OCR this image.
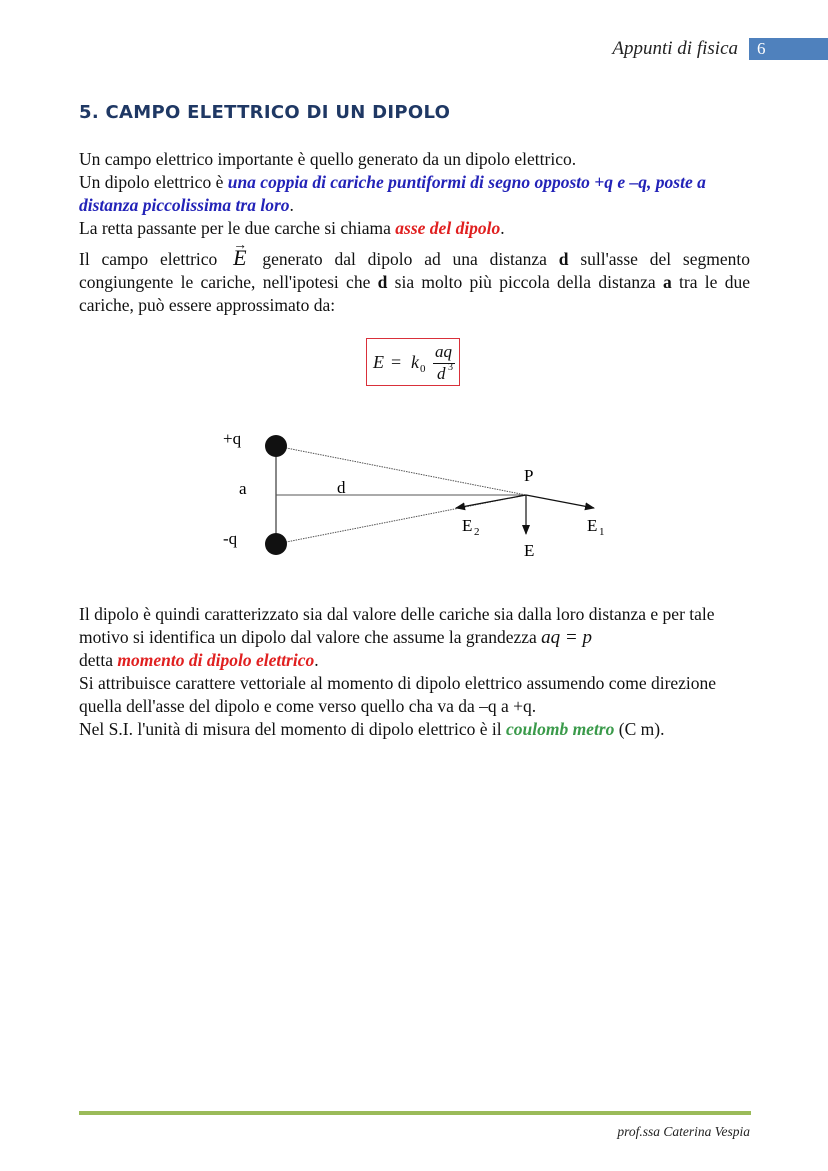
Appunti di fisica	6
5. CAMPO ELETTRICO DI UN DIPOLO

Un campo elettrico importante è quello generato da un dipolo elettrico.
Un dipolo elettrico è una coppia di cariche puntiformi di segno opposto +q e –q, poste a distanza piccolissima tra loro.
La retta passante per le due carche si chiama asse del dipolo.

Il campo elettrico → E generato dal dipolo ad una distanza d sull'asse del segmento congiungente le cariche, nell'ipotesi che d sia molto più piccola della distanza a tra le due cariche, può essere approssimato da:

E = k 0
aq
d 3
+q
-q
a	d
P
E 2	E 1
E

Il dipolo è quindi caratterizzato sia dal valore delle cariche sia dalla loro distanza e per tale motivo si identifica un dipolo dal valore che assume la grandezza aq = p
detta momento di dipolo elettrico.
Si attribuisce carattere vettoriale al momento di dipolo elettrico assumendo come direzione quella dell'asse del dipolo e come verso quello cha va da –q a +q.
Nel S.I. l'unità di misura del momento di dipolo elettrico è il coulomb metro (C m).

prof.ssa Caterina Vespia
